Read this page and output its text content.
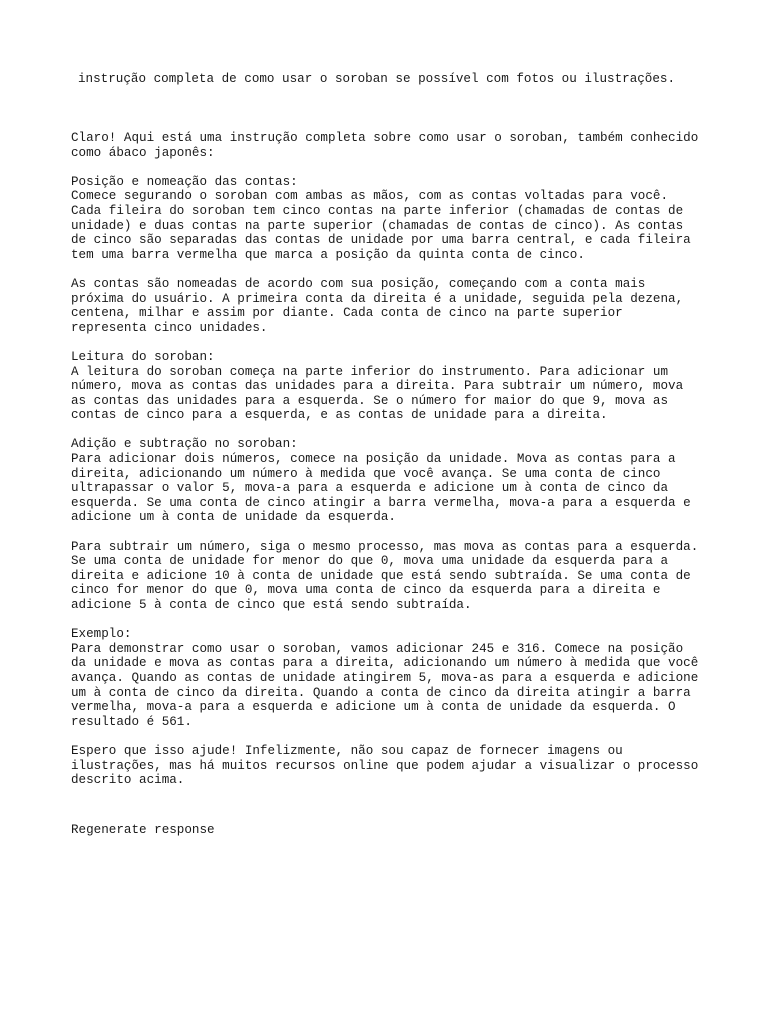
instrução completa de como usar o soroban se possível com fotos ou ilustrações.

Claro! Aqui está uma instrução completa sobre como usar o soroban, também conhecido
como ábaco japonês:

Posição e nomeação das contas:
Comece segurando o soroban com ambas as mãos, com as contas voltadas para você.
Cada fileira do soroban tem cinco contas na parte inferior (chamadas de contas de
unidade) e duas contas na parte superior (chamadas de contas de cinco). As contas
de cinco são separadas das contas de unidade por uma barra central, e cada fileira
tem uma barra vermelha que marca a posição da quinta conta de cinco.

As contas são nomeadas de acordo com sua posição, começando com a conta mais
próxima do usuário. A primeira conta da direita é a unidade, seguida pela dezena,
centena, milhar e assim por diante. Cada conta de cinco na parte superior
representa cinco unidades.

Leitura do soroban:
A leitura do soroban começa na parte inferior do instrumento. Para adicionar um
número, mova as contas das unidades para a direita. Para subtrair um número, mova
as contas das unidades para a esquerda. Se o número for maior do que 9, mova as
contas de cinco para a esquerda, e as contas de unidade para a direita.

Adição e subtração no soroban:
Para adicionar dois números, comece na posição da unidade. Mova as contas para a
direita, adicionando um número à medida que você avança. Se uma conta de cinco
ultrapassar o valor 5, mova-a para a esquerda e adicione um à conta de cinco da
esquerda. Se uma conta de cinco atingir a barra vermelha, mova-a para a esquerda e
adicione um à conta de unidade da esquerda.

Para subtrair um número, siga o mesmo processo, mas mova as contas para a esquerda.
Se uma conta de unidade for menor do que 0, mova uma unidade da esquerda para a
direita e adicione 10 à conta de unidade que está sendo subtraída. Se uma conta de
cinco for menor do que 0, mova uma conta de cinco da esquerda para a direita e
adicione 5 à conta de cinco que está sendo subtraída.

Exemplo:
Para demonstrar como usar o soroban, vamos adicionar 245 e 316. Comece na posição
da unidade e mova as contas para a direita, adicionando um número à medida que você
avança. Quando as contas de unidade atingirem 5, mova-as para a esquerda e adicione
um à conta de cinco da direita. Quando a conta de cinco da direita atingir a barra
vermelha, mova-a para a esquerda e adicione um à conta de unidade da esquerda. O
resultado é 561.

Espero que isso ajude! Infelizmente, não sou capaz de fornecer imagens ou
ilustrações, mas há muitos recursos online que podem ajudar a visualizar o processo
descrito acima.

Regenerate response
